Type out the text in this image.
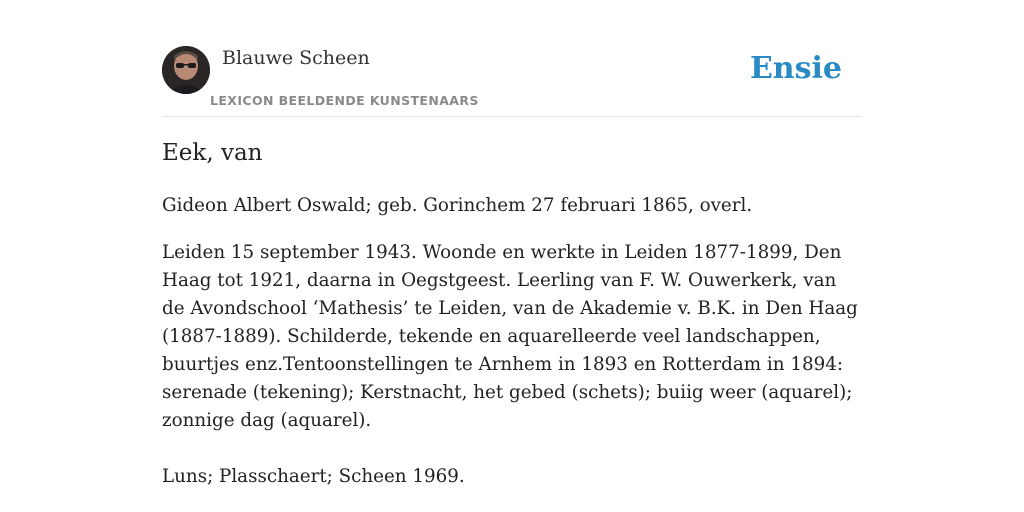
Blauwe Scheen
LEXICON BEELDENDE KUNSTENAARS
Ensie
Eek, van

Gideon Albert Oswald; geb. Gorinchem 27 februari 1865, overl.

Leiden 15 september 1943. Woonde en werkte in Leiden 1877-1899, Den Haag tot 1921, daarna in Oegstgeest. Leerling van F. W. Ouwerkerk, van de Avondschool ‘Mathesis’ te Leiden, van de Akademie v. B.K. in Den Haag (1887-1889). Schilderde, tekende en aquarelleerde veel landschappen, buurtjes enz.Tentoonstellingen te Arnhem in 1893 en Rotterdam in 1894: serenade (tekening); Kerstnacht, het gebed (schets); buiig weer (aquarel); zonnige dag (aquarel).

Luns; Plasschaert; Scheen 1969.
